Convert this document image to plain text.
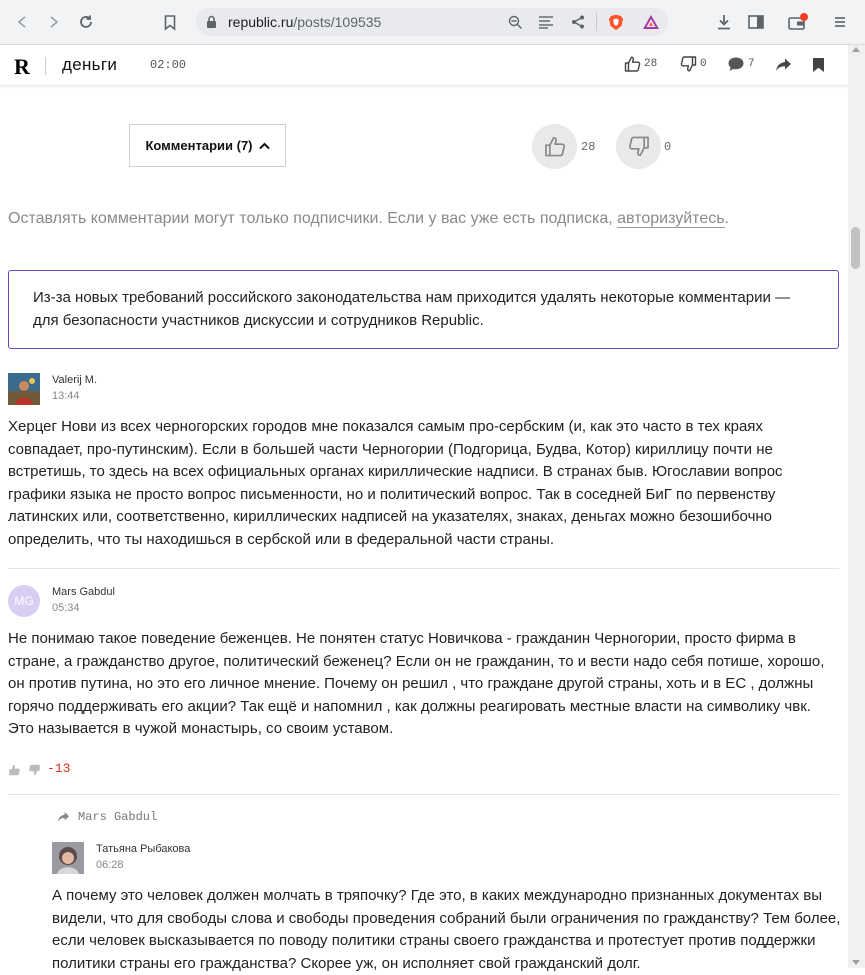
republic.ru/posts/109535
R деньги	02:00	28	0	7
Комментарии (7)	28	0
Оставлять комментарии могут только подписчики. Если у вас уже есть подписка, авторизуйтесь.
Из-за новых требований российского законодательства нам приходится удалять некоторые комментарии — для безопасности участников дискуссии и сотрудников Republic.
Valerij M.
13:44
Херцег Нови из всех черногорских городов мне показался самым про-сербским (и, как это часто в тех краях совпадает, про-путинским). Если в большей части Черногории (Подгорица, Будва, Котор) кириллицу почти не встретишь, то здесь на всех официальных органах кириллические надписи. В странах быв. Югославии вопрос графики языка не просто вопрос письменности, но и политический вопрос. Так в соседней БиГ по первенству латинских или, соответственно, кириллических надписей на указателях, знаках, деньгах можно безошибочно определить, что ты находишься в сербской или в федеральной части страны.
MG
Mars Gabdul
05:34
Не понимаю такое поведение беженцев. Не понятен статус Новичкова - гражданин Черногории, просто фирма в стране, а гражданство другое, политический беженец? Если он не гражданин, то и вести надо себя потише, хорошо, он против путина, но это его личное мнение. Почему он решил , что граждане другой страны, хоть и в ЕС , должны горячо поддерживать его акции? Так ещё и напомнил , как должны реагировать местные власти на символику чвк. Это называется в чужой монастырь, со своим уставом.
-13
Mars Gabdul
Татьяна Рыбакова
06:28
А почему это человек должен молчать в тряпочку? Где это, в каких международно признанных документах вы видели, что для свободы слова и свободы проведения собраний были ограничения по гражданству? Тем более, если человек высказывается по поводу политики страны своего гражданства и протестует против поддержки политики страны его гражданства? Скорее уж, он исполняет свой гражданский долг.
